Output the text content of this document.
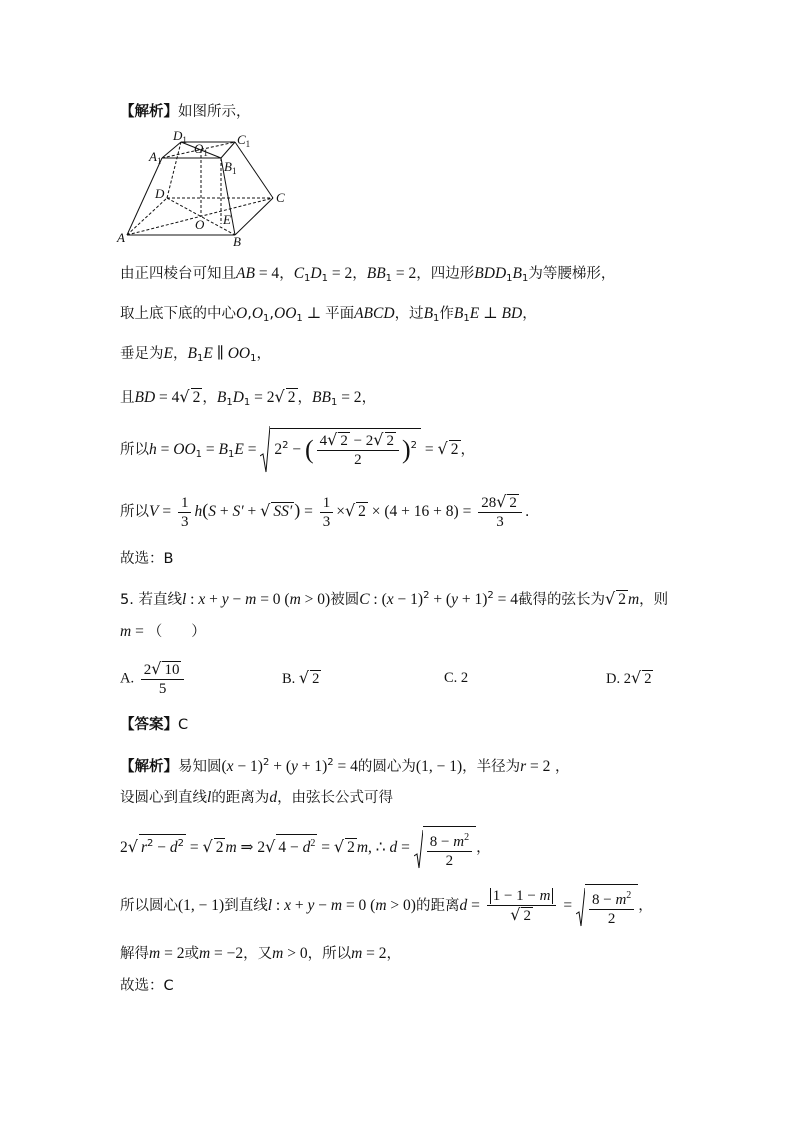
【解析】如图所示，
$D_1$	$C_1$
$O_1$
$A_1$	$B_1$
D	C
O E
A	B
由正四棱台可知且AB = 4，$C_1D_1 = 2$，$BB_1 = 2$，四边形$BDD_1B_1$为等腰梯形，
取上底下底的中心$O,O_1,OO_1$ ⊥ 平面ABCD，过$B_1$作$B_1E$ ⊥ BD，
垂足为E，$B_1E$ ∥ $OO_1$，
且BD = 4√ 2 ，$B_1D_1 = 2√$ 2 ，$BB_1 = 2$，
所以$h = OO_1 = B_1E = 2^2$ − ( $\frac{4√ 2 - 2√ 2}{2} )^2$ = √ 2 ，
所以$V = \frac{1}{3} h(S + S'$ + √ SS′ ) = $\frac{1}{3}$ ×√ $2 \times (4 + 16 + 8) = \frac{28√ 2}{3}$ .
故选：B
5. 若直线l : x + y − m = 0 (m > 0)被圆C : $(x - 1)^2 + (y + 1)^2 = 4$截得的弦长为√ 2 m，则
m = （　　）
A. $\frac{2√ 10}{5}$	B. √ 2	C. 2	D. 2√ 2
【答案】C
【解析】易知圆$(x - 1)^2 + (y + 1)^2 = 4$的圆心为(1, − 1)，半径为r = 2 ，
设圆心到直线l的距离为d，由弦长公式可得
2√ $r^2 - d^2$ = √ 2 m ⇒ 2√ $4 - d^2$ = √ 2 m, ∴ $d = \frac{8 - m^2}{2}$ ，
所以圆心(1, − 1)到直线l : x + y − m = 0 (m > 0)的距离$d = \frac{1 - 1 - m}{√ 2} = \frac{8 - m^2}{2}$ ，
解得m = 2或m = −2，又m > 0，所以m = 2，
故选：C
